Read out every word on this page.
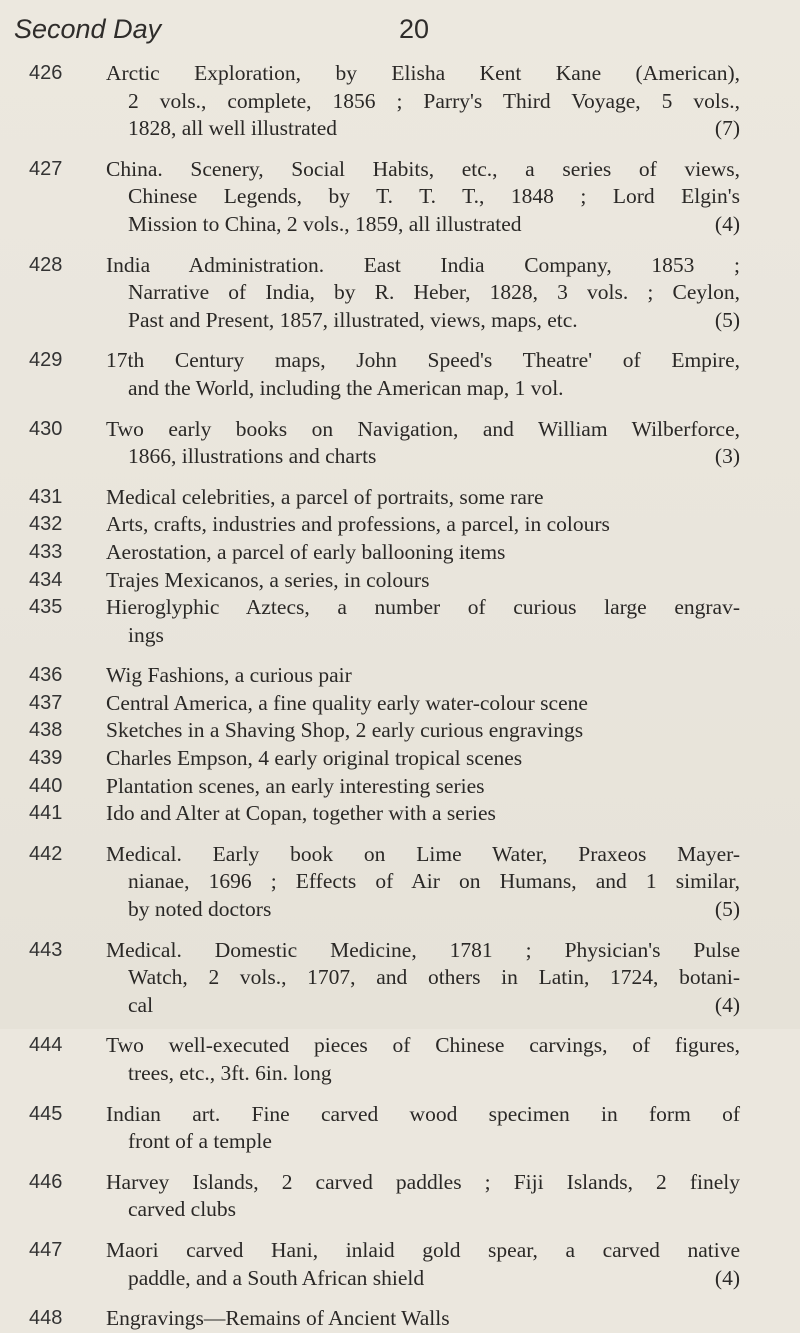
Second Day	20
426	Arctic Exploration, by Elisha Kent Kane (American),
2 vols., complete, 1856 ; Parry's Third Voyage, 5 vols.,
1828, all well illustrated	(7)
427	China. Scenery, Social Habits, etc., a series of views,
Chinese Legends, by T. T. T., 1848 ; Lord Elgin's
Mission to China, 2 vols., 1859, all illustrated	(4)
428	India Administration. East India Company, 1853 ;
Narrative of India, by R. Heber, 1828, 3 vols. ; Ceylon,
Past and Present, 1857, illustrated, views, maps, etc.	(5)
429	17th Century maps, John Speed's Theatre' of Empire,
and the World, including the American map, 1 vol.
430	Two early books on Navigation, and William Wilberforce,
1866, illustrations and charts	(3)
431	Medical celebrities, a parcel of portraits, some rare
432	Arts, crafts, industries and professions, a parcel, in colours
433	Aerostation, a parcel of early ballooning items
434	Trajes Mexicanos, a series, in colours
435	Hieroglyphic Aztecs, a number of curious large engrav-
ings
436	Wig Fashions, a curious pair
437	Central America, a fine quality early water-colour scene
438	Sketches in a Shaving Shop, 2 early curious engravings
439	Charles Empson, 4 early original tropical scenes
440	Plantation scenes, an early interesting series
441	Ido and Alter at Copan, together with a series
442	Medical. Early book on Lime Water, Praxeos Mayer-
nianae, 1696 ; Effects of Air on Humans, and 1 similar,
by noted doctors	(5)
443	Medical. Domestic Medicine, 1781 ; Physician's Pulse
Watch, 2 vols., 1707, and others in Latin, 1724, botani-
cal	(4)
444	Two well-executed pieces of Chinese carvings, of figures,
trees, etc., 3ft. 6in. long
445	Indian art. Fine carved wood specimen in form of
front of a temple
446	Harvey Islands, 2 carved paddles ; Fiji Islands, 2 finely
carved clubs
447	Maori carved Hani, inlaid gold spear, a carved native
paddle, and a South African shield	(4)
448	Engravings—Remains of Ancient Walls
